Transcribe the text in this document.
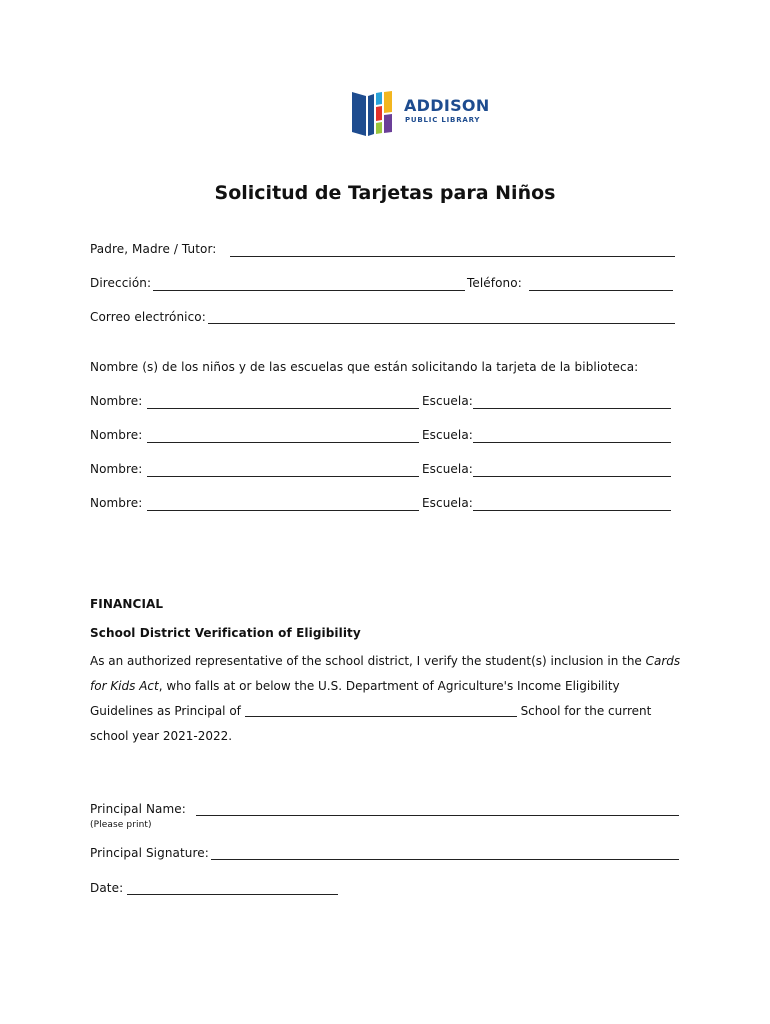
ADDISON
PUBLIC LIBRARY
Solicitud de Tarjetas para Niños
Padre, Madre / Tutor:
Dirección:	Teléfono:
Correo electrónico:
Nombre (s) de los niños y de las escuelas que están solicitando la tarjeta de la biblioteca:
Nombre:	Escuela:
Nombre:	Escuela:
Nombre:	Escuela:
Nombre:	Escuela:
FINANCIAL
School District Verification of Eligibility
As an authorized representative of the school district, I verify the student(s) inclusion in the Cards
for Kids Act, who falls at or below the U.S. Department of Agriculture's Income Eligibility
Guidelines as Principal of	School for the current
school year 2021-2022.
Principal Name:
(Please print)
Principal Signature:
Date:
